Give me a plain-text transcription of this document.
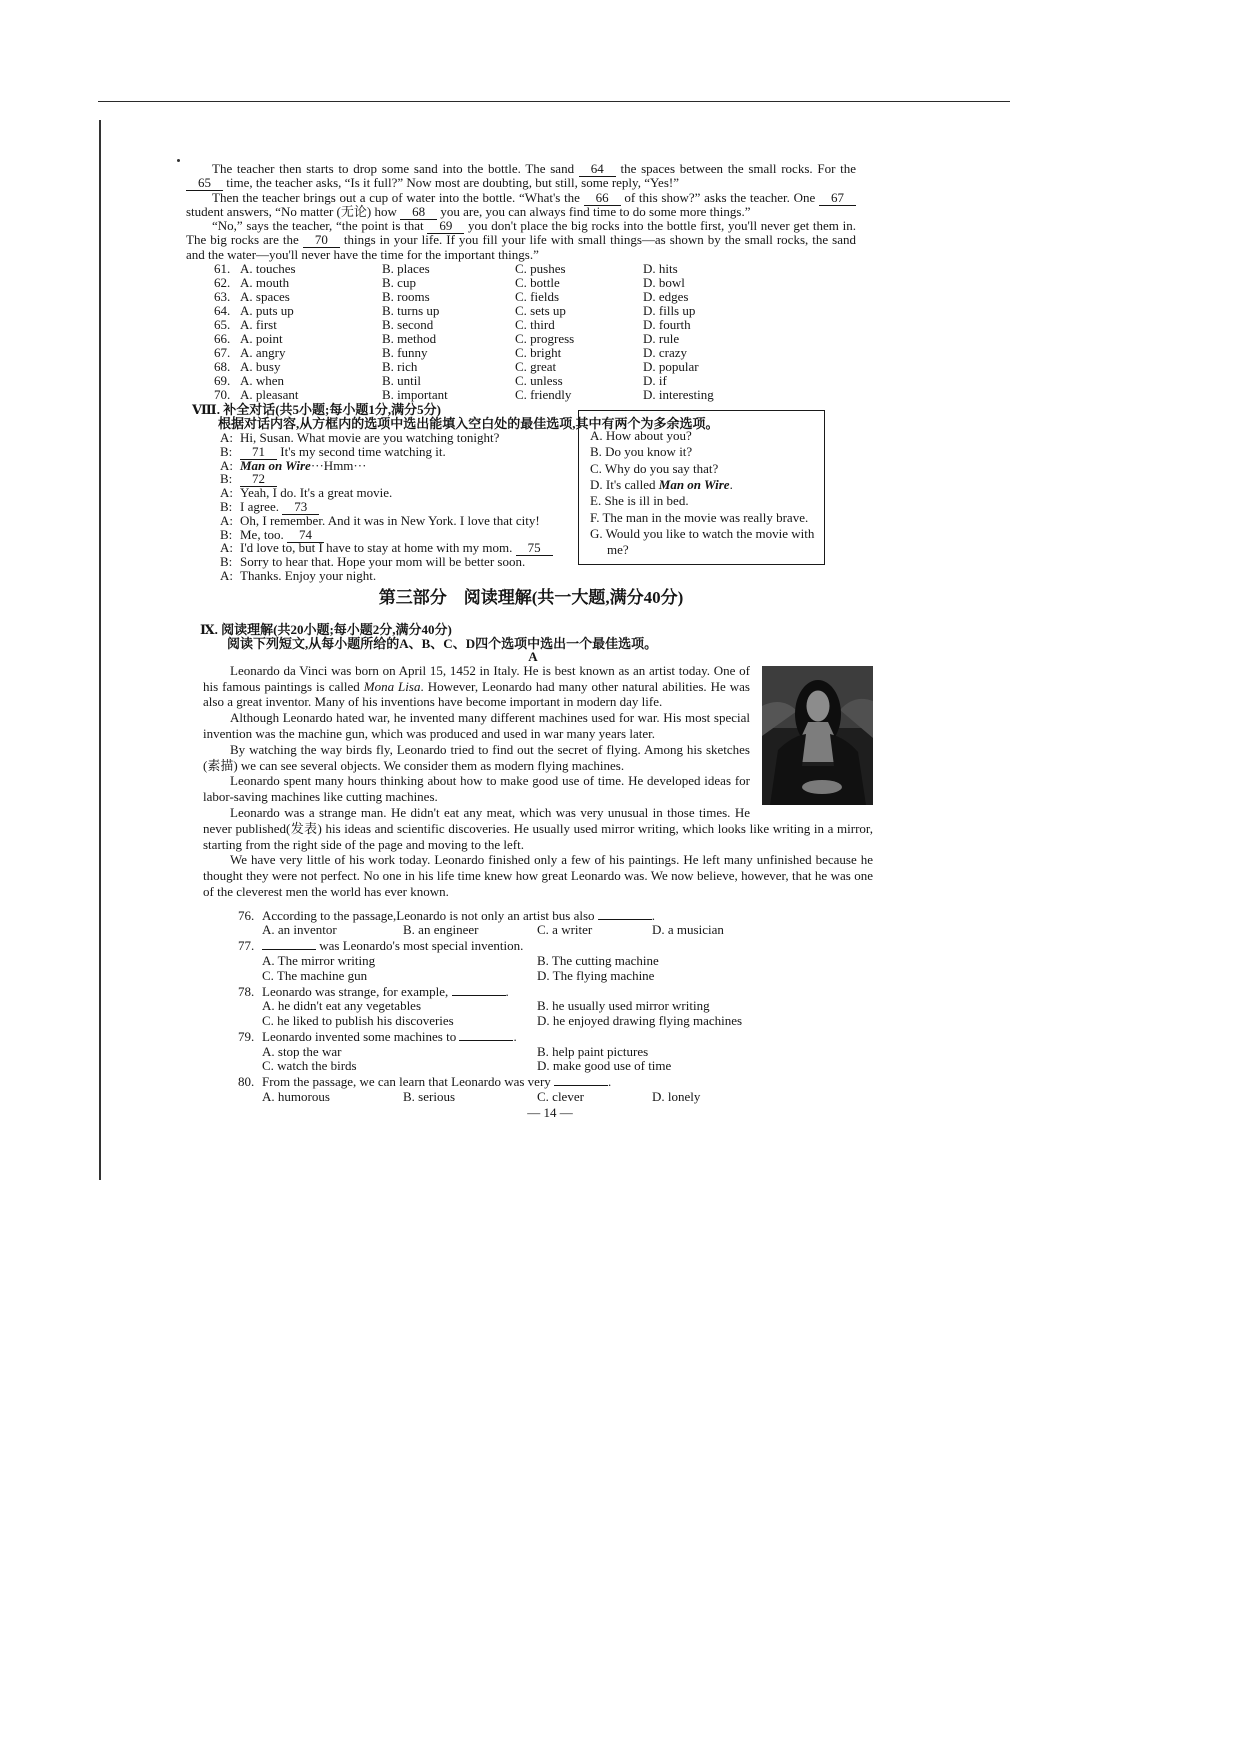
The teacher then starts to drop some sand into the bottle. The sand 64 the spaces between the small rocks. For the 65 time, the teacher asks, “Is it full?” Now most are doubting, but still, some reply, “Yes!”

Then the teacher brings out a cup of water into the bottle. “What's the 66 of this show?” asks the teacher. One 67 student answers, “No matter (无论) how 68 you are, you can always find time to do some more things.”

“No,” says the teacher, “the point is that 69 you don't place the big rocks into the bottle first, you'll never get them in. The big rocks are the 70 things in your life. If you fill your life with small things—as shown by the small rocks, the sand and the water—you'll never have the time for the important things.”

61. A. touches	B. places	C. pushes	D. hits
62. A. mouth	B. cup	C. bottle	D. bowl
63. A. spaces	B. rooms	C. fields	D. edges
64. A. puts up	B. turns up	C. sets up	D. fills up
65. A. first	B. second	C. third	D. fourth
66. A. point	B. method	C. progress	D. rule
67. A. angry	B. funny	C. bright	D. crazy
68. A. busy	B. rich	C. great	D. popular
69. A. when	B. until	C. unless	D. if
70. A. pleasant	B. important	C. friendly	D. interesting
Ⅷ. 补全对话(共5小题;每小题1分,满分5分)
根据对话内容,从方框内的选项中选出能填入空白处的最佳选项,其中有两个为多余选项。
A: Hi, Susan. What movie are you watching tonight?
B:	71 It's my second time watching it.
A: Man on Wire···Hmm···
B:	72
A: Yeah, I do. It's a great movie.
B: I agree. 73
A: Oh, I remember. And it was in New York. I love that city!
B: Me, too. 74
A: I'd love to, but I have to stay at home with my mom. 75
B: Sorry to hear that. Hope your mom will be better soon.
A: Thanks. Enjoy your night.
A. How about you?
B. Do you know it?
C. Why do you say that?
D. It's called Man on Wire.
E. She is ill in bed.
F. The man in the movie was really brave.
G. Would you like to watch the movie with me?
第三部分　阅读理解(共一大题,满分40分)
Ⅸ. 阅读理解(共20小题;每小题2分,满分40分)
阅读下列短文,从每小题所给的A、B、C、D四个选项中选出一个最佳选项。
A

Leonardo da Vinci was born on April 15, 1452 in Italy. He is best known as an artist today. One of his famous paintings is called Mona Lisa. However, Leonardo had many other natural abilities. He was also a great inventor. Many of his inventions have become important in modern day life.

Although Leonardo hated war, he invented many different machines used for war. His most special invention was the machine gun, which was produced and used in war many years later.

By watching the way birds fly, Leonardo tried to find out the secret of flying. Among his sketches (素描) we can see several objects. We consider them as modern flying machines.

Leonardo spent many hours thinking about how to make good use of time. He developed ideas for labor-saving machines like cutting machines.

Leonardo was a strange man. He didn't eat any meat, which was very unusual in those times. He never published(发表) his ideas and scientific discoveries. He usually used mirror writing, which looks like writing in a mirror, starting from the right side of the page and moving to the left.

We have very little of his work today. Leonardo finished only a few of his paintings. He left many unfinished because he thought they were not perfect. No one in his life time knew how great Leonardo was. We now believe, however, that he was one of the cleverest men the world has ever known.

76. According to the passage,Leonardo is not only an artist bus also	.
A. an inventor	B. an engineer	C. a writer	D. a musician
77.	was Leonardo's most special invention.
A. The mirror writing	B. The cutting machine
C. The machine gun	D. The flying machine
78. Leonardo was strange, for example,	.
A. he didn't eat any vegetables	B. he usually used mirror writing
C. he liked to publish his discoveries	D. he enjoyed drawing flying machines
79. Leonardo invented some machines to	.
A. stop the war	B. help paint pictures
C. watch the birds	D. make good use of time
80. From the passage, we can learn that Leonardo was very	.
A. humorous	B. serious	C. clever	D. lonely
— 14 —
